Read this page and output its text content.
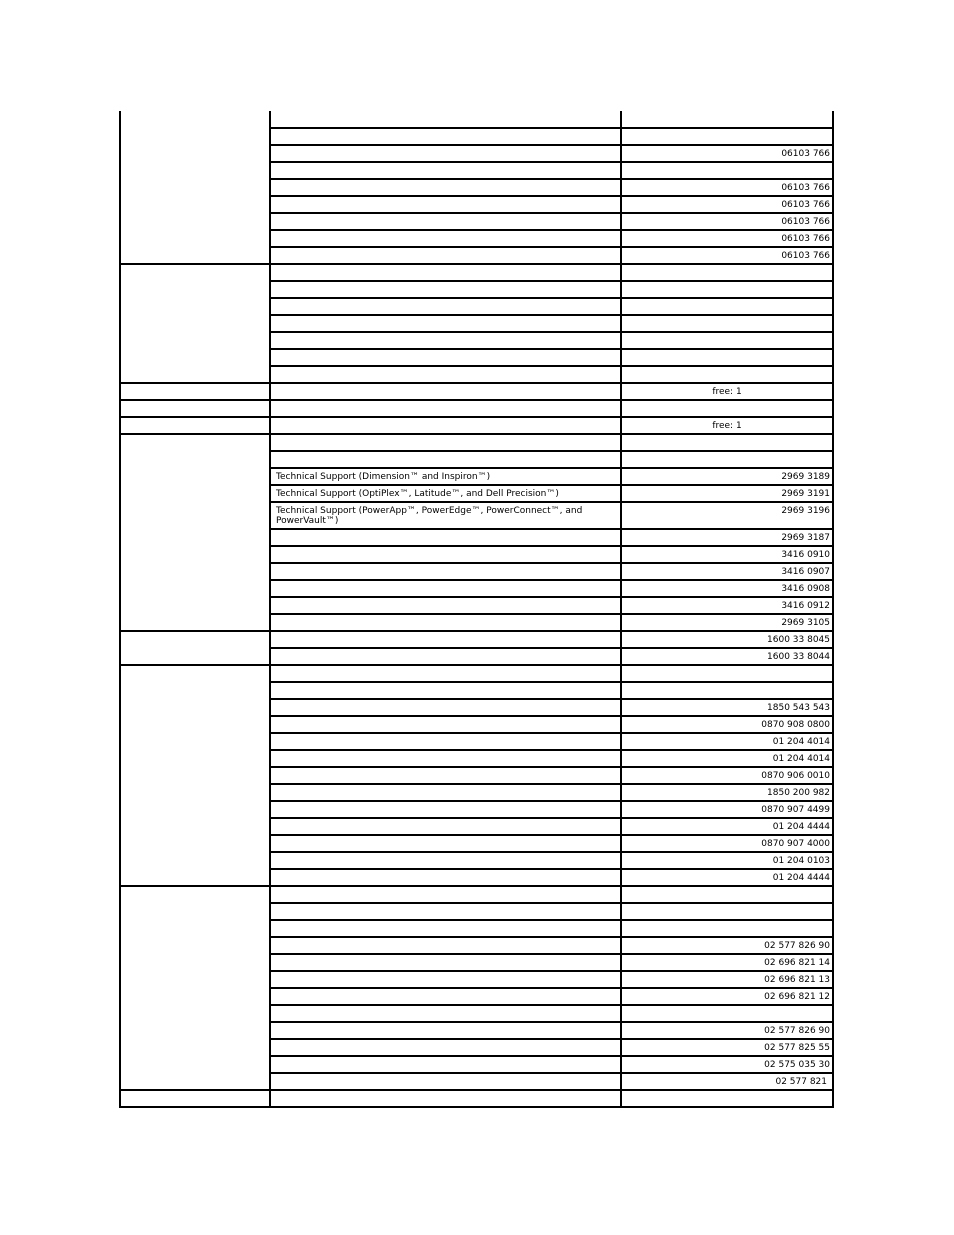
06103 766
06103 766
06103 766
06103 766
06103 766
06103 766
free: 1
free: 1
Technical Support (Dimension™ and Inspiron™)	2969 3189
Technical Support (OptiPlex™, Latitude™, and Dell Precision™)	2969 3191
Technical Support (PowerApp™, PowerEdge™, PowerConnect™, and PowerVault™)
2969 3196
2969 3187
3416 0910
3416 0907
3416 0908
3416 0912
2969 3105
1600 33 8045
1600 33 8044
1850 543 543
0870 908 0800
01 204 4014
01 204 4014
0870 906 0010
1850 200 982
0870 907 4499
01 204 4444
0870 907 4000
01 204 0103
01 204 4444
02 577 826 90
02 696 821 14
02 696 821 13
02 696 821 12
02 577 826 90
02 577 825 55
02 575 035 30
02 577 821
